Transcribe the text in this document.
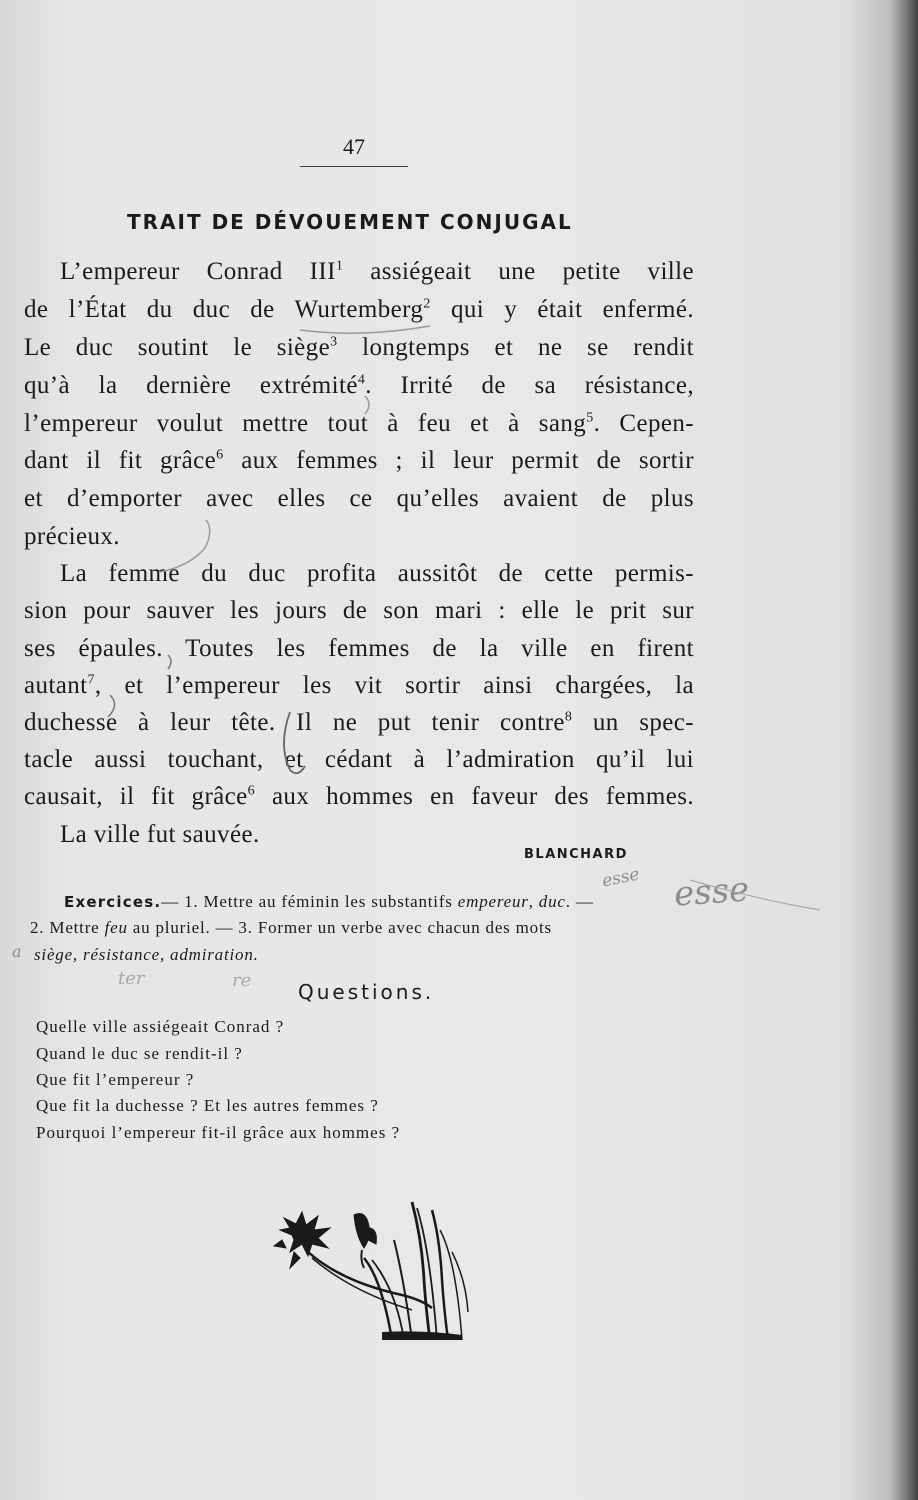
47
TRAIT DE DÉVOUEMENT CONJUGAL
L’empereur Conrad III$^1$ assiégeait une petite ville
de l’État du duc de Wurtemberg$^2$ qui y était enfermé.
Le duc soutint le siège$^3$ longtemps et ne se rendit
qu’à la dernière extrémité$^4$. Irrité de sa résistance,
l’empereur voulut mettre tout à feu et à sang$^5$. Cepen-
dant il fit grâce$^6$ aux femmes ; il leur permit de sortir
et d’emporter avec elles ce qu’elles avaient de plus
précieux.
La femme du duc profita aussitôt de cette permis-
sion pour sauver les jours de son mari : elle le prit sur
ses épaules. Toutes les femmes de la ville en firent
autant$^7$, et l’empereur les vit sortir ainsi chargées, la
duchesse à leur tête. Il ne put tenir contre$^8$ un spec-
tacle aussi touchant, et cédant à l’admiration qu’il lui
causait, il fit grâce$^6$ aux hommes en faveur des femmes.
La ville fut sauvée.
BLANCHARD
Exercices.— 1. Mettre au féminin les substantifs empereur, duc. —
2. Mettre feu au pluriel. — 3. Former un verbe avec chacun des mots
siège, résistance, admiration.
Questions.
Quelle ville assiégeait Conrad ?
Quand le duc se rendit-il ?
Que fit l’empereur ?
Que fit la duchesse ? Et les autres femmes ?
Pourquoi l’empereur fit-il grâce aux hommes ?
esse
esse
a
ter	re
